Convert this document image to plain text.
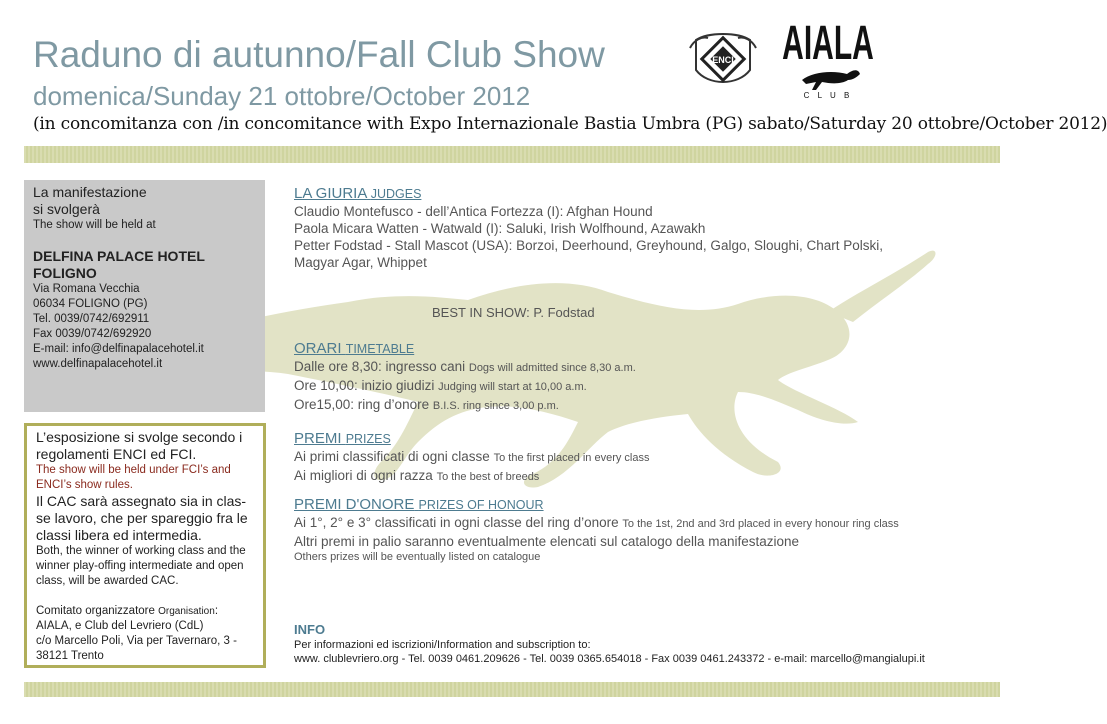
Raduno di autunno/Fall Club Show
domenica/Sunday 21 ottobre/October 2012
(in concomitanza con /in concomitance with Expo Internazionale Bastia Umbra (PG) sabato/Saturday 20 ottobre/October 2012)
ENCI AIALA
C L U B
La manifestazione
si svolgerà
The show will be held at
DELFINA PALACE HOTEL
FOLIGNO
Via Romana Vecchia
06034 FOLIGNO (PG)
Tel. 0039/0742/692911
Fax 0039/0742/692920
E-mail: info@delfinapalacehotel.it
www.delfinapalacehotel.it
L’esposizione si svolge secondo i regolamenti ENCI ed FCI.
The show will be held under FCI’s and ENCI’s show rules.
Il CAC sarà assegnato sia in clas-se lavoro, che per spareggio fra le classi libera ed intermedia.
Both, the winner of working class and the winner play-offing intermediate and open class, will be awarded CAC.
Comitato organizzatore Organisation:
AIALA, e Club del Levriero (CdL)
c/o Marcello Poli, Via per Tavernaro, 3 -
38121 Trento
LA GIURIA JUDGES
Claudio Montefusco - dell’Antica Fortezza (I): Afghan Hound
Paola Micara Watten - Watwald (I): Saluki, Irish Wolfhound, Azawakh
Petter Fodstad - Stall Mascot (USA): Borzoi, Deerhound, Greyhound, Galgo, Sloughi, Chart Polski,
Magyar Agar, Whippet
BEST IN SHOW: P. Fodstad
ORARI TIMETABLE
Dalle ore 8,30: ingresso cani Dogs will admitted since 8,30 a.m.
Ore 10,00: inizio giudizi Judging will start at 10,00 a.m.
Ore15,00: ring d’onore B.I.S. ring since 3,00 p.m.
PREMI PRIZES
Ai primi classificati di ogni classe To the first placed in every class
Ai migliori di ogni razza To the best of breeds
PREMI D'ONORE PRIZES OF HONOUR
Ai 1°, 2° e 3° classificati in ogni classe del ring d’onore To the 1st, 2nd and 3rd placed in every honour ring class
Altri premi in palio saranno eventualmente elencati sul catalogo della manifestazione
Others prizes will be eventually listed on catalogue
INFO
Per informazioni ed iscrizioni/Information and subscription to:
www. clublevriero.org - Tel. 0039 0461.209626 - Tel. 0039 0365.654018 - Fax 0039 0461.243372 - e-mail: marcello@mangialupi.it
